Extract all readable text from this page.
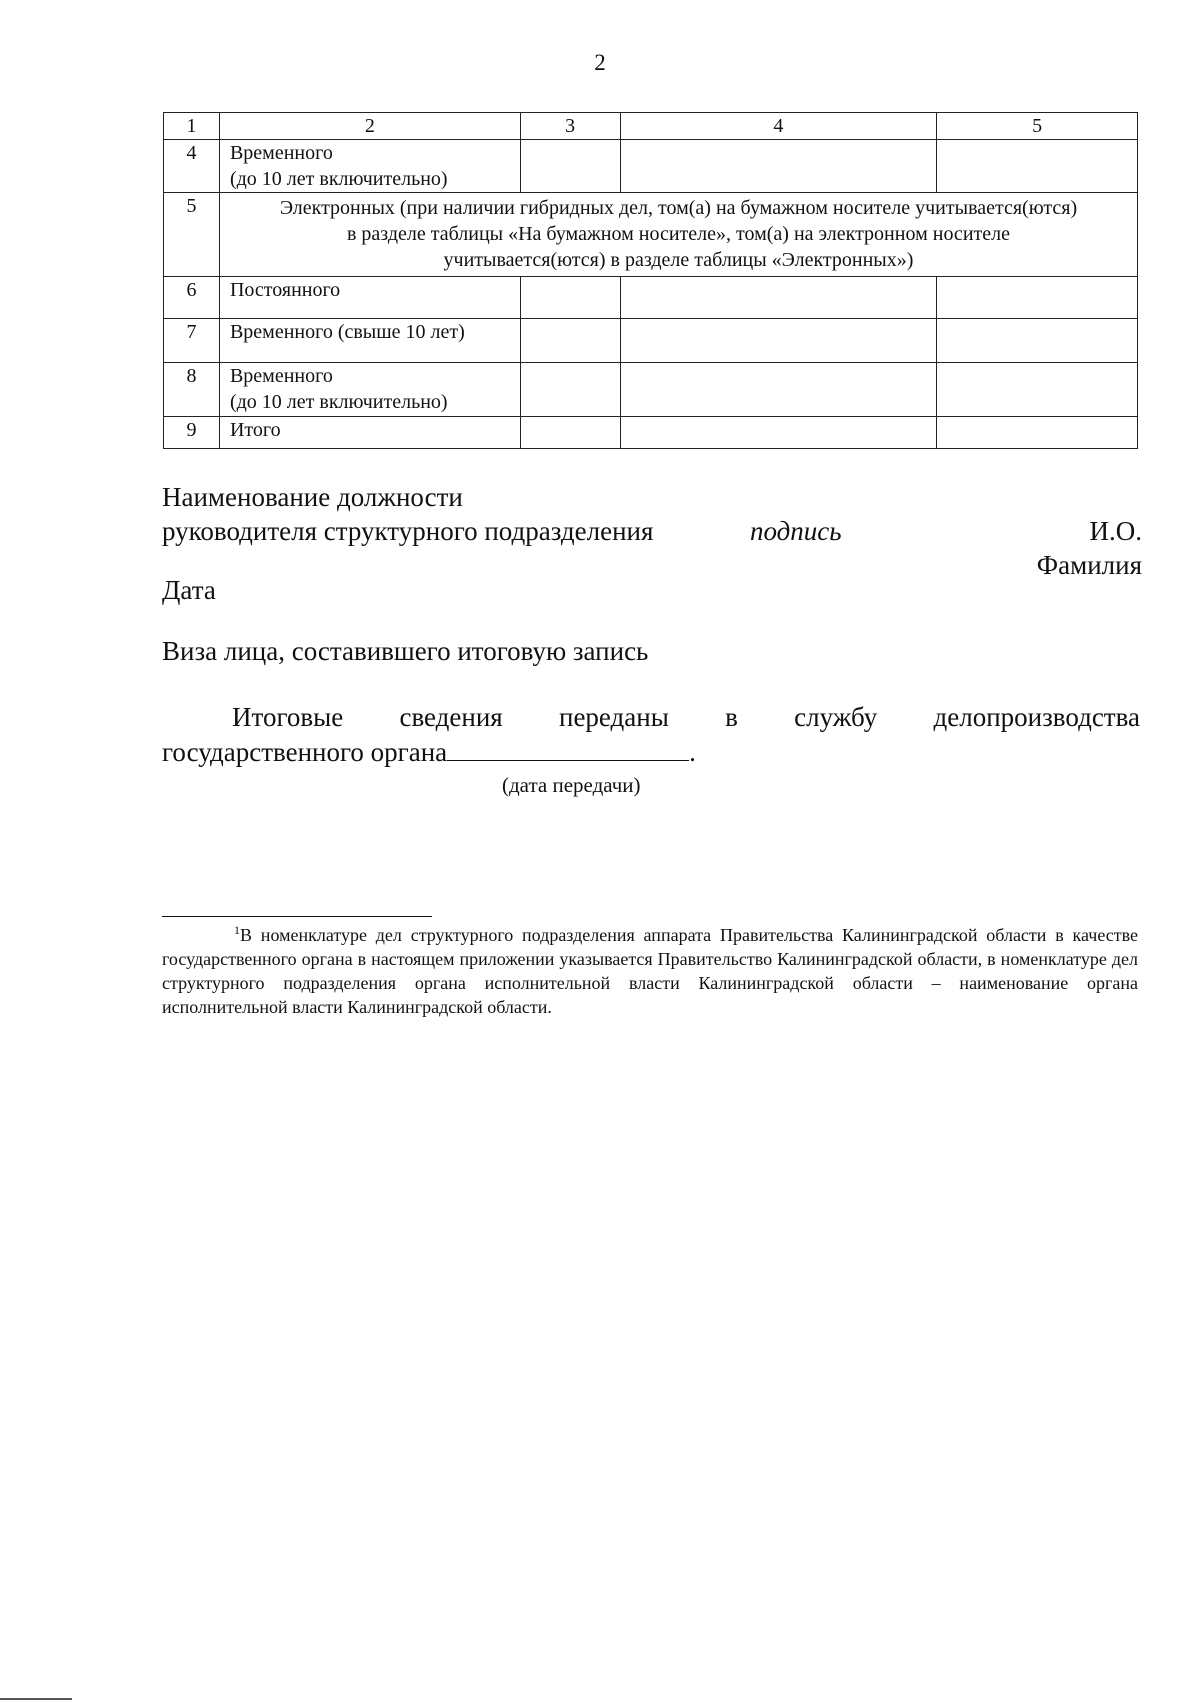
2
1	2	3	4	5
4	Временного
(до 10 лет включительно)			

5	Электронных (при наличии гибридных дел, том(а) на бумажном носителе учитывается(ются)
в разделе таблицы «На бумажном носителе», том(а) на электронном носителе
учитывается(ются) в разделе таблицы «Электронных»)			

6	Постоянного			

7	Временного (свыше 10 лет)			

8	Временного
(до 10 лет включительно)			

9	Итого			

Наименование должности
руководителя структурного подразделения	подпись	И.О. Фамилия
Дата
Виза лица, составившего итоговую запись
Итоговые сведения переданы в службу делопроизводства
государственного органа	.
(дата передачи)
$^1$В номенклатуре дел структурного подразделения аппарата Правительства Калининградской области в качестве государственного органа в настоящем приложении указывается Правительство Калининградской области, в номенклатуре дел структурного подразделения органа исполнительной власти Калининградской области – наименование органа исполнительной власти Калининградской области.
